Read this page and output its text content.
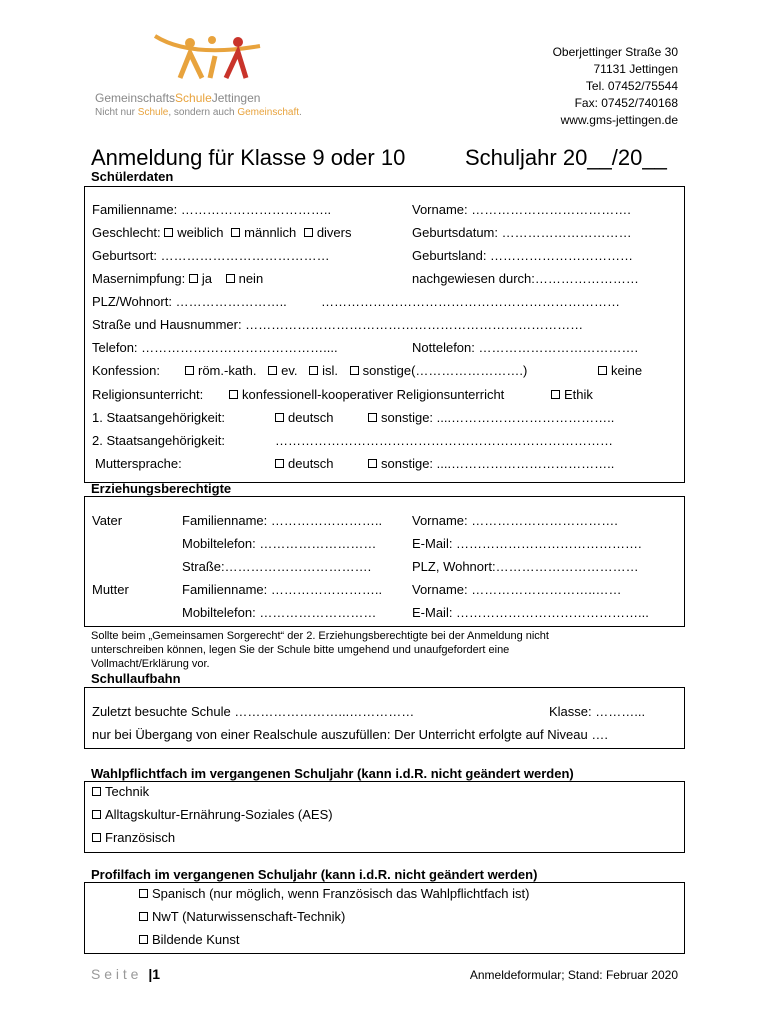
GemeinschaftsSchuleJettingen
Nicht nur Schule, sondern auch Gemeinschaft.
Oberjettinger Straße 30
71131 Jettingen
Tel. 07452/75544
Fax: 07452/740168
www.gms-jettingen.de
Anmeldung für Klasse 9 oder 10	Schuljahr 20__/20__
Schülerdaten
Familienname: ……………………………..	Vorname: ……………………………….
Geschlecht: weiblich männlich divers	Geburtsdatum: …………………………
Geburtsort: …………………………………	Geburtsland: ……………………………
Masernimpfung: ja nein	nachgewiesen durch:……………………
PLZ/Wohnort: ……………………..	……………………………………………………………
Straße und Hausnummer: ……………………………………………………………………
Telefon: ……………………………………....	Nottelefon: ……………………………….
Konfession:	röm.-kath. ev. isl. sonstige(…………………….)	keine
Religionsunterricht:	konfessionell-kooperativer Religionsunterricht	Ethik
1. Staatsangehörigkeit:	deutsch	sonstige: ....………………………………..
2. Staatsangehörigkeit:	……………………………………………………………………
Muttersprache:	deutsch	sonstige: ....………………………………..
Erziehungsberechtigte
Vater	Familienname: …………………….. Vorname: …………………………….
Mobiltelefon: ………………………	E-Mail: …………………………………….
Straße:…………………………….	PLZ, Wohnort:……………………………
Mutter	Familienname: …………………….. Vorname: ………………………..……
Mobiltelefon: ………………………	E-Mail: ……………………………………...
Sollte beim „Gemeinsamen Sorgerecht“ der 2. Erziehungsberechtigte bei der Anmeldung nicht
unterschreiben können, legen Sie der Schule bitte umgehend und unaufgefordert eine
Vollmacht/Erklärung vor.
Schullaufbahn
Zuletzt besuchte Schule ……………………...……………	Klasse: ………...
nur bei Übergang von einer Realschule auszufüllen: Der Unterricht erfolgte auf Niveau ….
Wahlpflichtfach im vergangenen Schuljahr (kann i.d.R. nicht geändert werden)
Technik
Alltagskultur-Ernährung-Soziales (AES)
Französisch
Profilfach im vergangenen Schuljahr (kann i.d.R. nicht geändert werden)
Spanisch (nur möglich, wenn Französisch das Wahlpflichtfach ist)
NwT (Naturwissenschaft-Technik)
Bildende Kunst
S e i t e |1	Anmeldeformular; Stand: Februar 2020
